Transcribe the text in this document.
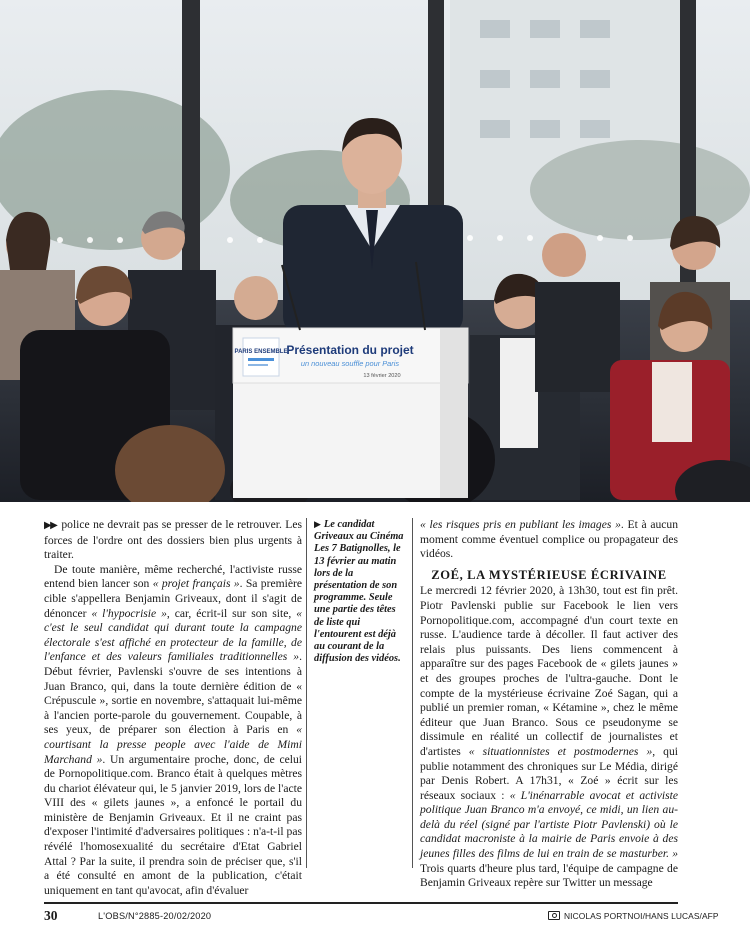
PARIS ENSEMBLE
Présentation du projet
un nouveau souffle pour Paris
13 février 2020

▶▶ police ne devrait pas se presser de le retrouver. Les forces de l'ordre ont des dossiers bien plus urgents à traiter.

De toute manière, même recherché, l'activiste russe entend bien lancer son « projet français ». Sa première cible s'appellera Benjamin Griveaux, dont il s'agit de dénoncer « l'hypocrisie », car, écrit-il sur son site, « c'est le seul candidat qui durant toute la campagne électorale s'est affiché en protecteur de la famille, de l'enfance et des valeurs familiales traditionnelles ». Début février, Pavlenski s'ouvre de ses intentions à Juan Branco, qui, dans la toute dernière édition de « Crépuscule », sortie en novembre, s'attaquait lui-même à l'ancien porte-parole du gouvernement. Coupable, à ses yeux, de préparer son élection à Paris en « courtisant la presse people avec l'aide de Mimi Marchand ». Un argumentaire proche, donc, de celui de Pornopolitique.com. Branco était à quelques mètres du chariot élévateur qui, le 5 janvier 2019, lors de l'acte VIII des « gilets jaunes », a enfoncé le portail du ministère de Benjamin Griveaux. Et il ne craint pas d'exposer l'intimité d'adversaires politiques : n'a-t-il pas révélé l'homosexualité du secrétaire d'Etat Gabriel Attal ? Par la suite, il prendra soin de préciser que, s'il a été consulté en amont de la publication, c'était uniquement en tant qu'avocat, afin d'évaluer

▶ Le candidat Griveaux au Cinéma Les 7 Batignolles, le 13 février au matin lors de la présentation de son programme. Seule une partie des têtes de liste qui l'entourent est déjà au courant de la diffusion des vidéos.

« les risques pris en publiant les images ». Et à aucun moment comme éventuel complice ou propagateur des vidéos.

ZOÉ, LA MYSTÉRIEUSE ÉCRIVAINE

Le mercredi 12 février 2020, à 13h30, tout est fin prêt. Piotr Pavlenski publie sur Facebook le lien vers Pornopolitique.com, accompagné d'un court texte en russe. L'audience tarde à décoller. Il faut activer des relais plus puissants. Des liens commencent à apparaître sur des pages Facebook de « gilets jaunes » et des groupes proches de l'ultra-gauche. Dont le compte de la mystérieuse écrivaine Zoé Sagan, qui a publié un premier roman, « Kétamine », chez le même éditeur que Juan Branco. Sous ce pseudonyme se dissimule en réalité un collectif de journalistes et d'artistes « situationnistes et postmodernes », qui publie notamment des chroniques sur Le Média, dirigé par Denis Robert. A 17h31, « Zoé » écrit sur les réseaux sociaux : « L'inénarrable avocat et activiste politique Juan Branco m'a envoyé, ce midi, un lien au-delà du réel (signé par l'artiste Piotr Pavlenski) où le candidat macroniste à la mairie de Paris envoie à des jeunes filles des films de lui en train de se masturber. » Trois quarts d'heure plus tard, l'équipe de campagne de Benjamin Griveaux repère sur Twitter un message

30	L'OBS/N°2885-20/02/2020	NICOLAS PORTNOI/HANS LUCAS/AFP
